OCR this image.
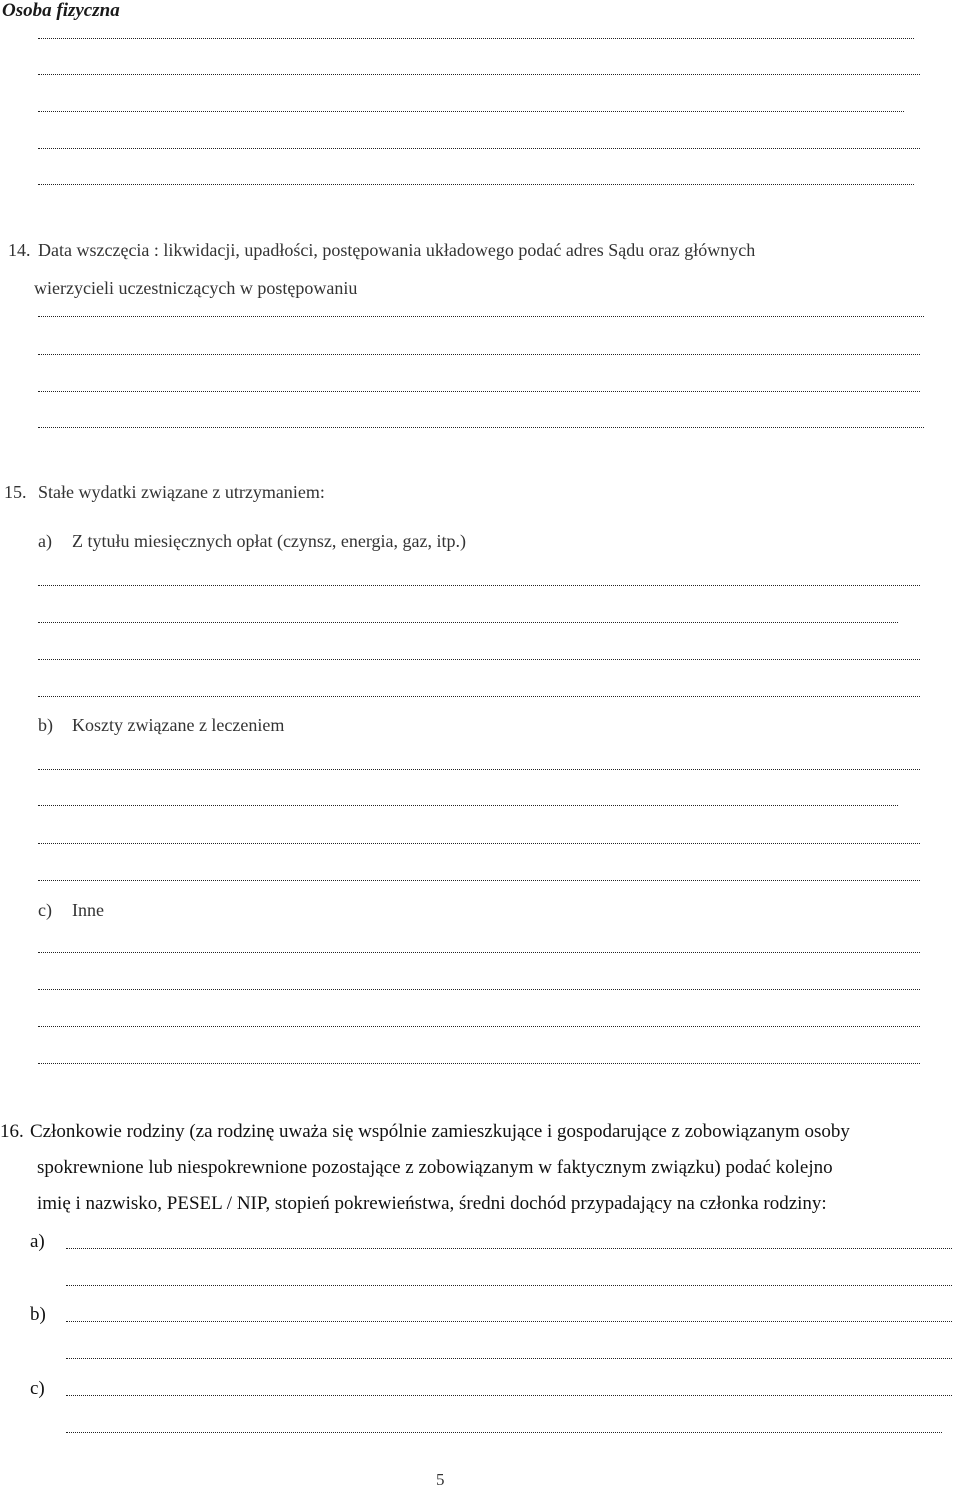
Osoba fizyczna
14. Data wszczęcia : likwidacji, upadłości, postępowania układowego podać adres Sądu oraz głównych
wierzycieli uczestniczących w postępowaniu
15. Stałe wydatki związane z utrzymaniem:
a) Z tytułu miesięcznych opłat (czynsz, energia, gaz, itp.)
b) Koszty związane z leczeniem
c) Inne
16. Członkowie rodziny (za rodzinę uważa się wspólnie zamieszkujące i gospodarujące z zobowiązanym osoby
spokrewnione lub niespokrewnione pozostające z zobowiązanym w faktycznym związku) podać kolejno
imię i nazwisko, PESEL / NIP, stopień pokrewieństwa, średni dochód przypadający na członka rodziny:
a)
b)
c)
5
